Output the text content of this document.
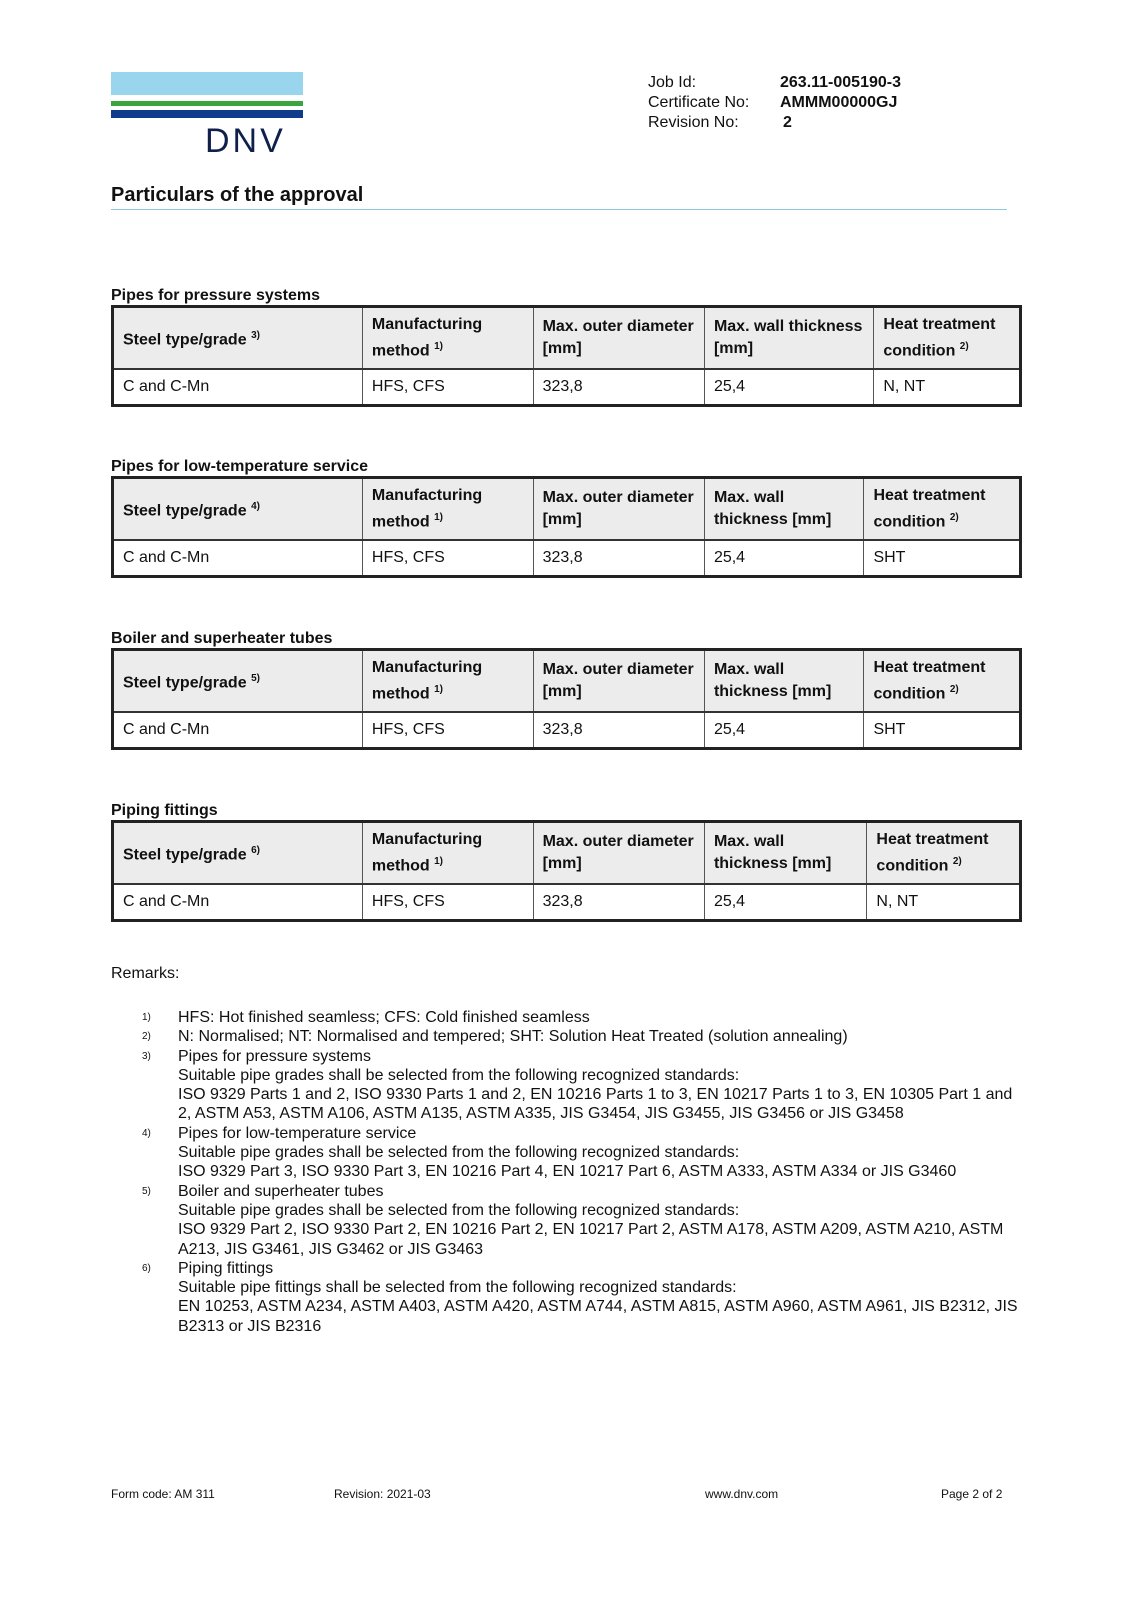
DNV
Job Id:	263.11-005190-3
Certificate No:	AMMM00000GJ
Revision No:	2
Particulars of the approval
Pipes for pressure systems
Steel type/grade $^{3)}$	Manufacturing method $^{1)}$	Max. outer diameter [mm]	Max. wall thickness [mm]	Heat treatment condition $^{2)}$
C and C-Mn	HFS, CFS	323,8	25,4	N, NT
Pipes for low-temperature service
Steel type/grade $^{4)}$	Manufacturing method $^{1)}$	Max. outer diameter [mm]	Max. wall thickness [mm]	Heat treatment condition $^{2)}$
C and C-Mn	HFS, CFS	323,8	25,4	SHT
Boiler and superheater tubes
Steel type/grade $^{5)}$	Manufacturing method $^{1)}$	Max. outer diameter [mm]	Max. wall thickness [mm]	Heat treatment condition $^{2)}$
C and C-Mn	HFS, CFS	323,8	25,4	SHT
Piping fittings
Steel type/grade $^{6)}$	Manufacturing method $^{1)}$	Max. outer diameter [mm]	Max. wall thickness [mm]	Heat treatment condition $^{2)}$
C and C-Mn	HFS, CFS	323,8	25,4	N, NT
Remarks:
1)	HFS: Hot finished seamless; CFS: Cold finished seamless
2)	N: Normalised; NT: Normalised and tempered; SHT: Solution Heat Treated (solution annealing)
3)	Pipes for pressure systems
Suitable pipe grades shall be selected from the following recognized standards:
ISO 9329 Parts 1 and 2, ISO 9330 Parts 1 and 2, EN 10216 Parts 1 to 3, EN 10217 Parts 1 to 3, EN 10305 Part 1 and 2, ASTM A53, ASTM A106, ASTM A135, ASTM A335, JIS G3454, JIS G3455, JIS G3456 or JIS G3458
4)	Pipes for low-temperature service
Suitable pipe grades shall be selected from the following recognized standards:
ISO 9329 Part 3, ISO 9330 Part 3, EN 10216 Part 4, EN 10217 Part 6, ASTM A333, ASTM A334 or JIS G3460
5)	Boiler and superheater tubes
Suitable pipe grades shall be selected from the following recognized standards:
ISO 9329 Part 2, ISO 9330 Part 2, EN 10216 Part 2, EN 10217 Part 2, ASTM A178, ASTM A209, ASTM A210, ASTM A213, JIS G3461, JIS G3462 or JIS G3463
6)	Piping fittings
Suitable pipe fittings shall be selected from the following recognized standards:
EN 10253, ASTM A234, ASTM A403, ASTM A420, ASTM A744, ASTM A815, ASTM A960, ASTM A961, JIS B2312, JIS B2313 or JIS B2316
Form code: AM 311	Revision: 2021-03	www.dnv.com	Page 2 of 2
